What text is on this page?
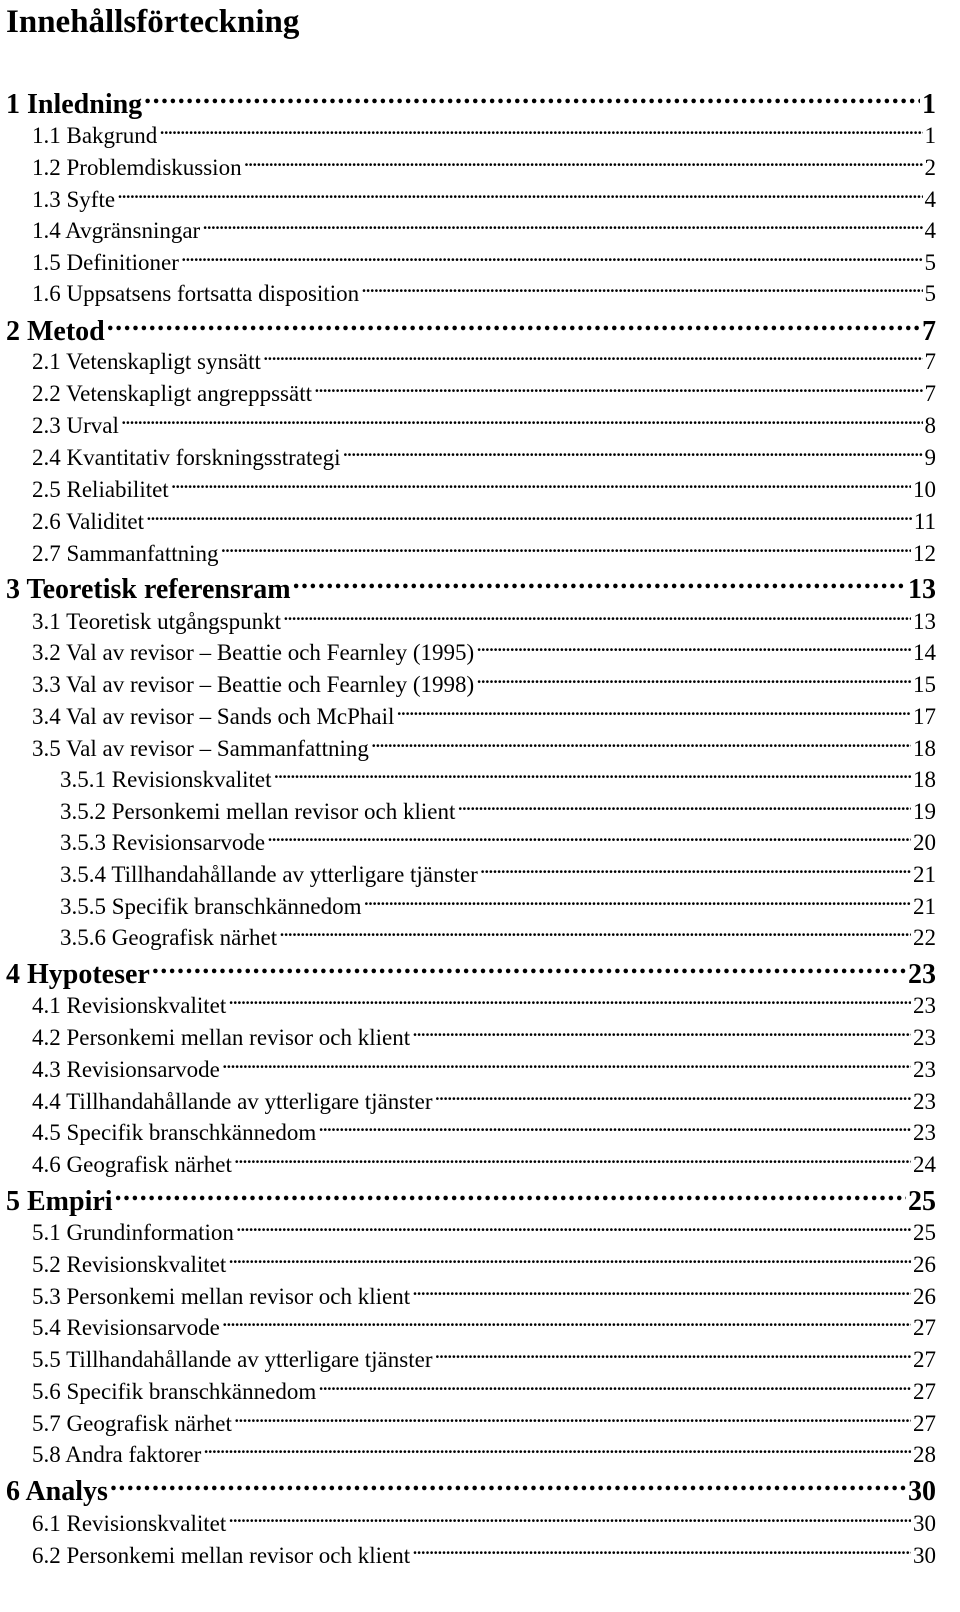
Innehållsförteckning
1 Inledning . . .	1
1.1 Bakgrund . . .	1
1.2 Problemdiskussion . . .	2
1.3 Syfte . . .	4
1.4 Avgränsningar . . .	4
1.5 Definitioner . . .	5
1.6 Uppsatsens fortsatta disposition . . .	5
2 Metod . . .	7
2.1 Vetenskapligt synsätt . . .	7
2.2 Vetenskapligt angreppssätt . . .	7
2.3 Urval . . .	8
2.4 Kvantitativ forskningsstrategi . . .	9
2.5 Reliabilitet . . .	10
2.6 Validitet . . .	11
2.7 Sammanfattning . . .	12
3 Teoretisk referensram . . .	13
3.1 Teoretisk utgångspunkt . . .	13
3.2 Val av revisor – Beattie och Fearnley (1995) . . .	14
3.3 Val av revisor – Beattie och Fearnley (1998) . . .	15
3.4 Val av revisor – Sands och McPhail . . .	17
3.5 Val av revisor – Sammanfattning . . .	18
3.5.1 Revisionskvalitet . . .	18
3.5.2 Personkemi mellan revisor och klient . . .	19
3.5.3 Revisionsarvode . . .	20
3.5.4 Tillhandahållande av ytterligare tjänster . . .	21
3.5.5 Specifik branschkännedom . . .	21
3.5.6 Geografisk närhet . . .	22
4 Hypoteser . . .	23
4.1 Revisionskvalitet . . .	23
4.2 Personkemi mellan revisor och klient . . .	23
4.3 Revisionsarvode . . .	23
4.4 Tillhandahållande av ytterligare tjänster . . .	23
4.5 Specifik branschkännedom . . .	23
4.6 Geografisk närhet . . .	24
5 Empiri . . .	25
5.1 Grundinformation . . .	25
5.2 Revisionskvalitet . . .	26
5.3 Personkemi mellan revisor och klient . . .	26
5.4 Revisionsarvode . . .	27
5.5 Tillhandahållande av ytterligare tjänster . . .	27
5.6 Specifik branschkännedom . . .	27
5.7 Geografisk närhet . . .	27
5.8 Andra faktorer . . .	28
6 Analys . . .	30
6.1 Revisionskvalitet . . .	30
6.2 Personkemi mellan revisor och klient . . .	30
